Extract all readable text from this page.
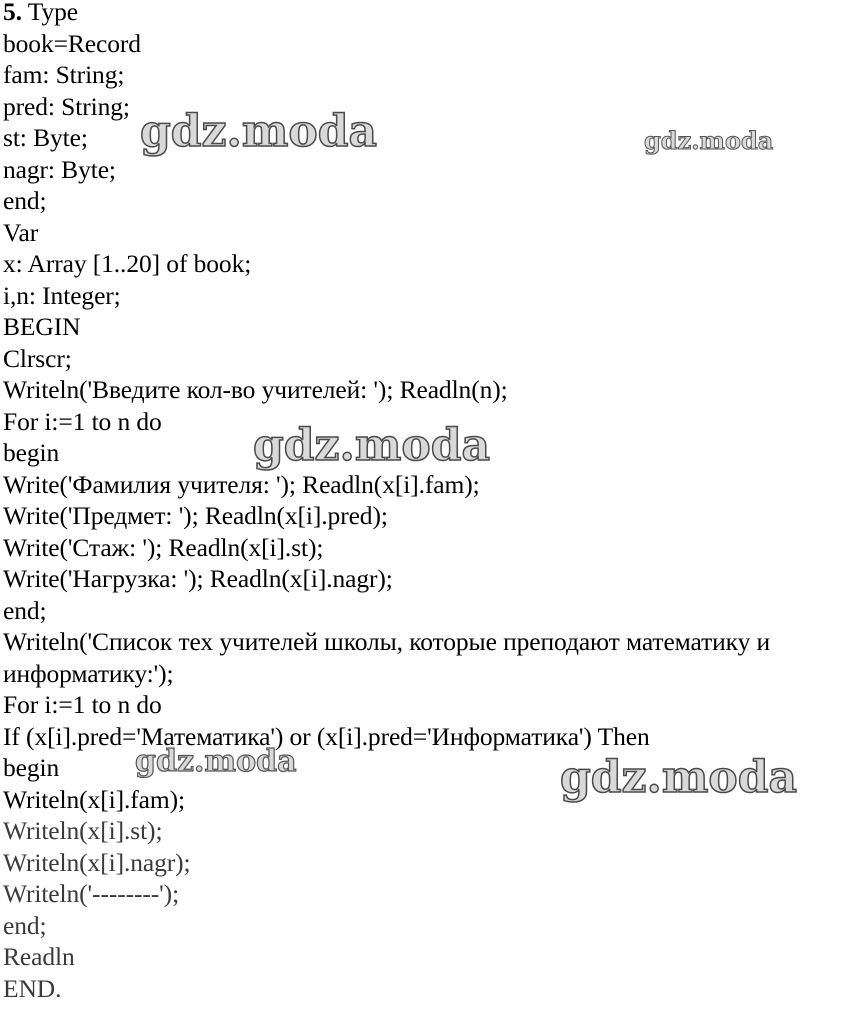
5. Type
book=Record
fam: String;
pred: String;
st: Byte;
nagr: Byte;
end;
Var
x: Array [1..20] of book;
i,n: Integer;
BEGIN
Clrscr;
Writeln('Введите кол-во учителей: '); Readln(n);
For i:=1 to n do
begin
Write('Фамилия учителя: '); Readln(x[i].fam);
Write('Предмет: '); Readln(x[i].pred);
Write('Стаж: '); Readln(x[i].st);
Write('Нагрузка: '); Readln(x[i].nagr);
end;
Writeln('Список тех учителей школы, которые преподают математику и
информатику:');
For i:=1 to n do
If (x[i].pred='Математика') or (x[i].pred='Информатика') Then
begin
Writeln(x[i].fam);
Writeln(x[i].st);
Writeln(x[i].nagr);
Writeln('--------');
end;
Readln
END.
gdz.moda	gdz.moda
gdz.moda
gdz.moda	gdz.moda
